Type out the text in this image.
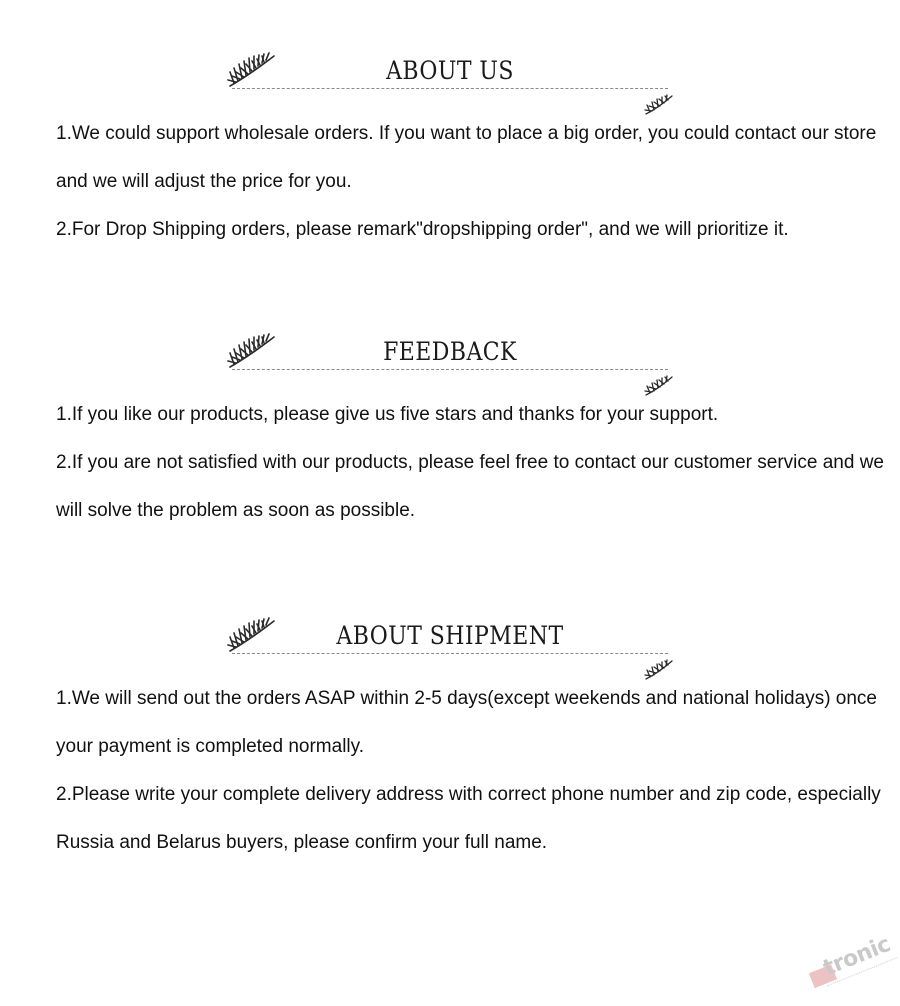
ABOUT US

1.We could support wholesale orders. If you want to place a big order, you could contact our store and we will adjust the price for you.

2.For Drop Shipping orders, please remark"dropshipping order", and we will prioritize it.

FEEDBACK

1.If you like our products, please give us five stars and thanks for your support.

2.If you are not satisfied with our products, please feel free to contact our customer service and we will solve the problem as soon as possible.

ABOUT SHIPMENT

1.We will send out the orders ASAP within 2-5 days(except weekends and national holidays) once your payment is completed normally.

2.Please write your complete delivery address with correct phone number and zip code, especially Russia and Belarus buyers, please confirm your full name.

tronic
